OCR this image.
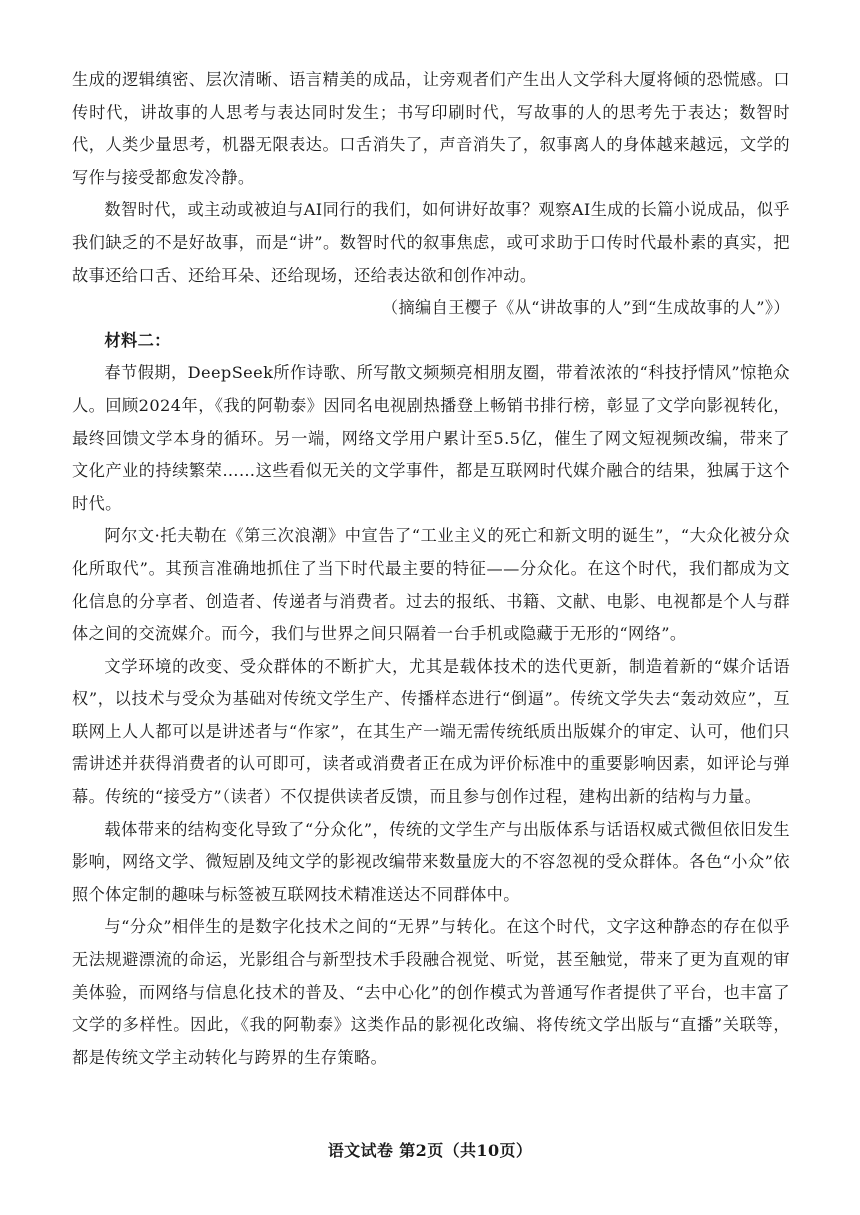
生成的逻辑缜密、层次清晰、语言精美的成品，让旁观者们产生出人文学科大厦将倾的恐慌感。口传时代，讲故事的人思考与表达同时发生；书写印刷时代，写故事的人的思考先于表达；数智时代，人类少量思考，机器无限表达。口舌消失了，声音消失了，叙事离人的身体越来越远，文学的写作与接受都愈发冷静。

数智时代，或主动或被迫与AI同行的我们，如何讲好故事？观察AI生成的长篇小说成品，似乎我们缺乏的不是好故事，而是“讲”。数智时代的叙事焦虑，或可求助于口传时代最朴素的真实，把故事还给口舌、还给耳朵、还给现场，还给表达欲和创作冲动。

（摘编自王樱子《从“讲故事的人”到“生成故事的人”》）

材料二：

春节假期，DeepSeek所作诗歌、所写散文频频亮相朋友圈，带着浓浓的“科技抒情风”惊艳众人。回顾2024年，《我的阿勒泰》因同名电视剧热播登上畅销书排行榜，彰显了文学向影视转化，最终回馈文学本身的循环。另一端，网络文学用户累计至5.5亿，催生了网文短视频改编，带来了文化产业的持续繁荣……这些看似无关的文学事件，都是互联网时代媒介融合的结果，独属于这个时代。

阿尔文·托夫勒在《第三次浪潮》中宣告了“工业主义的死亡和新文明的诞生”，“大众化被分众化所取代”。其预言准确地抓住了当下时代最主要的特征——分众化。在这个时代，我们都成为文化信息的分享者、创造者、传递者与消费者。过去的报纸、书籍、文献、电影、电视都是个人与群体之间的交流媒介。而今，我们与世界之间只隔着一台手机或隐藏于无形的“网络”。

文学环境的改变、受众群体的不断扩大，尤其是载体技术的迭代更新，制造着新的“媒介话语权”，以技术与受众为基础对传统文学生产、传播样态进行“倒逼”。传统文学失去“轰动效应”，互联网上人人都可以是讲述者与“作家”，在其生产一端无需传统纸质出版媒介的审定、认可，他们只需讲述并获得消费者的认可即可，读者或消费者正在成为评价标准中的重要影响因素，如评论与弹幕。传统的“接受方”（读者）不仅提供读者反馈，而且参与创作过程，建构出新的结构与力量。

载体带来的结构变化导致了“分众化”，传统的文学生产与出版体系与话语权威式微但依旧发生影响，网络文学、微短剧及纯文学的影视改编带来数量庞大的不容忽视的受众群体。各色“小众”依照个体定制的趣味与标签被互联网技术精准送达不同群体中。

与“分众”相伴生的是数字化技术之间的“无界”与转化。在这个时代，文字这种静态的存在似乎无法规避漂流的命运，光影组合与新型技术手段融合视觉、听觉，甚至触觉，带来了更为直观的审美体验，而网络与信息化技术的普及、“去中心化”的创作模式为普通写作者提供了平台，也丰富了文学的多样性。因此，《我的阿勒泰》这类作品的影视化改编、将传统文学出版与“直播”关联等，都是传统文学主动转化与跨界的生存策略。

语文试卷 第2页（共10页）
